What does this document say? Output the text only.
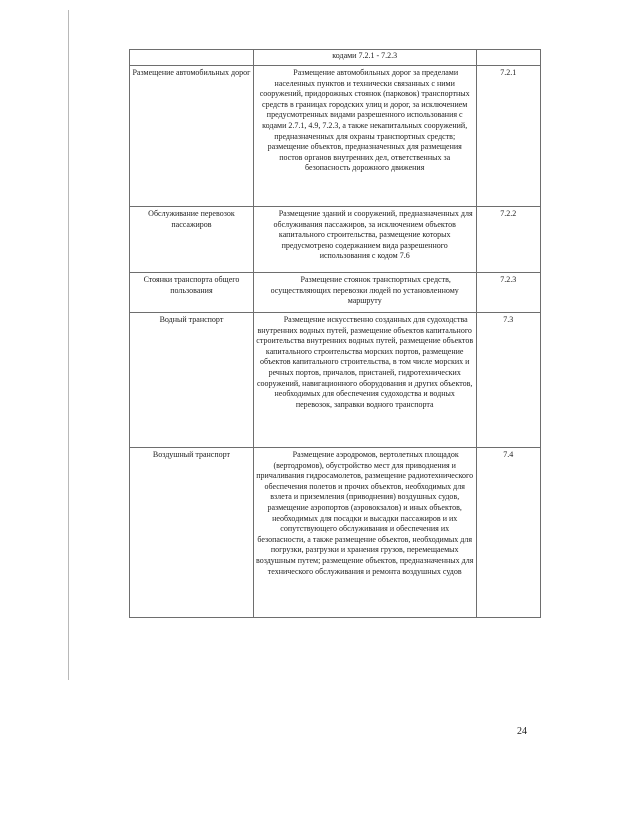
	кодами 7.2.1 - 7.2.3	
Размещение автомобильных дорог	Размещение автомобильных дорог за пределами населенных пунктов и технически связанных с ними сооружений, придорожных стоянок (парковок) транспортных средств в границах городских улиц и дорог, за исключением предусмотренных видами разрешенного использования с кодами 2.7.1, 4.9, 7.2.3, а также некапитальных сооружений, предназначенных для охраны транспортных средств; размещение объектов, предназначенных для размещения постов органов внутренних дел, ответственных за безопасность дорожного движения	7.2.1
Обслуживание перевозок пассажиров	Размещение зданий и сооружений, предназначенных для обслуживания пассажиров, за исключением объектов капитального строительства, размещение которых предусмотрено содержанием вида разрешенного использования с кодом 7.6	7.2.2
Стоянки транспорта общего пользования	Размещение стоянок транспортных средств, осуществляющих перевозки людей по установленному маршруту	7.2.3
Водный транспорт	Размещение искусственно созданных для судоходства внутренних водных путей, размещение объектов капитального строительства внутренних водных путей, размещение объектов капитального строительства морских портов, размещение объектов капитального строительства, в том числе морских и речных портов, причалов, пристаней, гидротехнических сооружений, навигационного оборудования и других объектов, необходимых для обеспечения судоходства и водных перевозок, заправки водного транспорта	7.3
Воздушный транспорт	Размещение аэродромов, вертолетных площадок (вертодромов), обустройство мест для приводнения и причаливания гидросамолетов, размещение радиотехнического обеспечения полетов и прочих объектов, необходимых для взлета и приземления (приводнения) воздушных судов, размещение аэропортов (аэровокзалов) и иных объектов, необходимых для посадки и высадки пассажиров и их сопутствующего обслуживания и обеспечения их безопасности, а также размещение объектов, необходимых для погрузки, разгрузки и хранения грузов, перемещаемых воздушным путем; размещение объектов, предназначенных для технического обслуживания и ремонта воздушных судов	7.4
24
